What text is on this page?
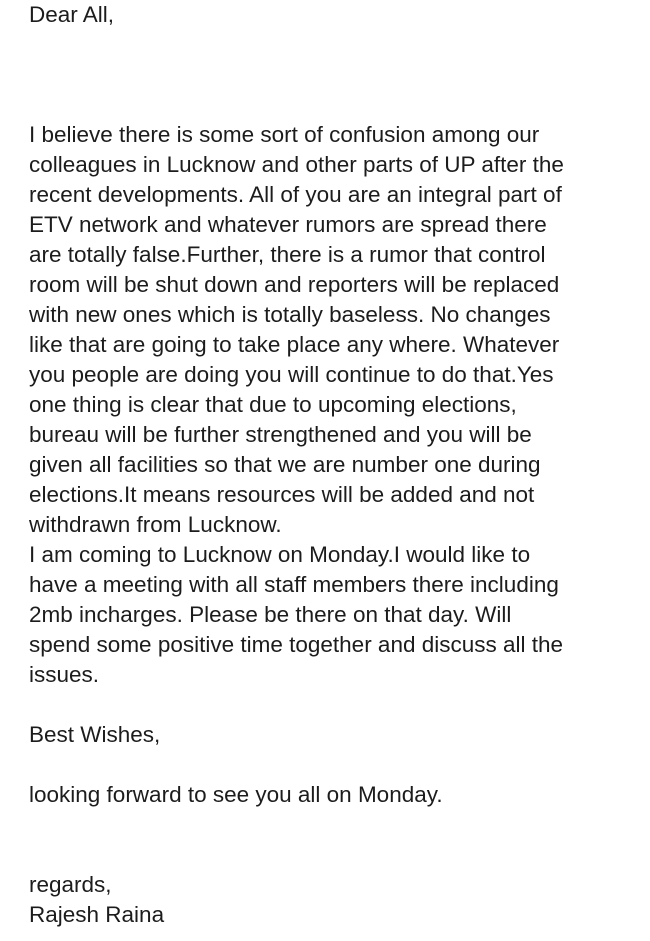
Dear All,
I believe there is some sort of confusion among our
colleagues in Lucknow and other parts of UP after the
recent developments. All of you are an integral part of
ETV network and whatever rumors are spread there
are totally false.Further, there is a rumor that control
room will be shut down and reporters will be replaced
with new ones which is totally baseless. No changes
like that are going to take place any where. Whatever
you people are doing you will continue to do that.Yes
one thing is clear that due to upcoming elections,
bureau will be further strengthened and you will be
given all facilities so that we are number one during
elections.It means resources will be added and not
withdrawn from Lucknow.
I am coming to Lucknow on Monday.I would like to
have a meeting with all staff members there including
2mb incharges. Please be there on that day. Will
spend some positive time together and discuss all the
issues.
Best Wishes,
looking forward to see you all on Monday.
regards,
Rajesh Raina
